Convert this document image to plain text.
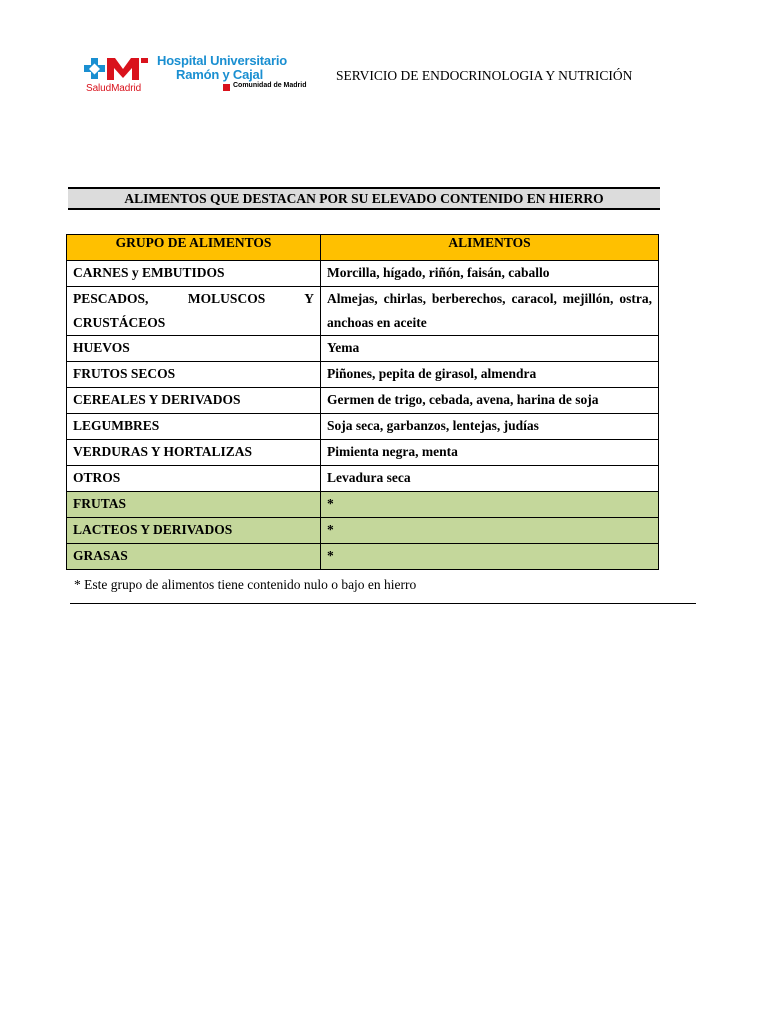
SaludMadrid
Hospital Universitario
Ramón y Cajal
Comunidad de Madrid
SERVICIO DE ENDOCRINOLOGIA Y NUTRICIÓN
ALIMENTOS QUE DESTACAN POR SU ELEVADO CONTENIDO EN HIERRO
GRUPO DE ALIMENTOS	ALIMENTOS
CARNES y EMBUTIDOS	Morcilla, hígado, riñón, faisán, caballo
PESCADOS, MOLUSCOS Y CRUSTÁCEOS	Almejas, chirlas, berberechos, caracol, mejillón, ostra, anchoas en aceite
HUEVOS	Yema
FRUTOS SECOS	Piñones, pepita de girasol, almendra
CEREALES Y DERIVADOS	Germen de trigo, cebada, avena, harina de soja
LEGUMBRES	Soja seca, garbanzos, lentejas, judías
VERDURAS Y HORTALIZAS	Pimienta negra, menta
OTROS	Levadura seca
FRUTAS	*
LACTEOS Y DERIVADOS	*
GRASAS	*
* Este grupo de alimentos tiene contenido nulo o bajo en hierro
